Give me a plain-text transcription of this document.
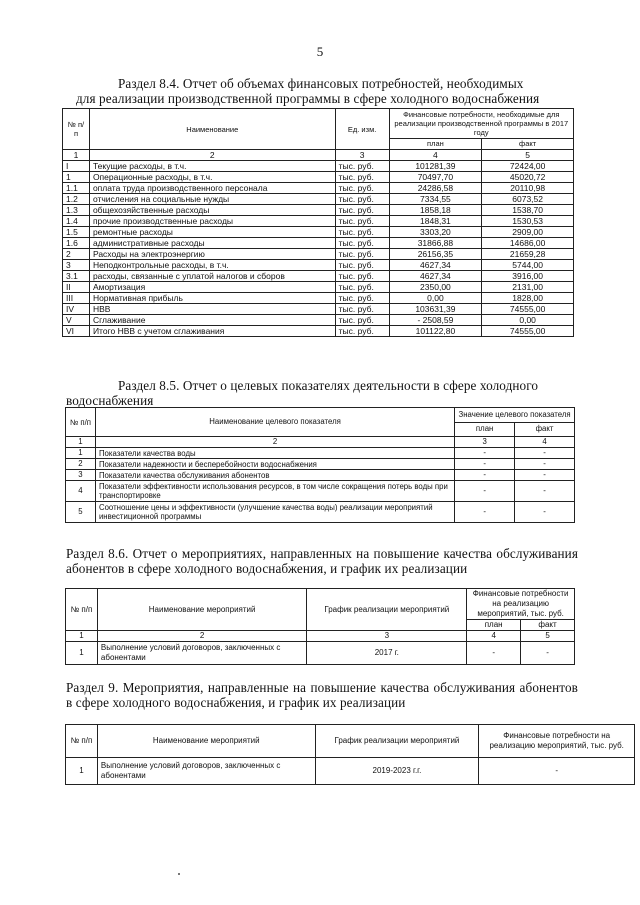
5
Раздел 8.4. Отчет об объемах финансовых потребностей, необходимых
для реализации производственной программы в сфере холодного водоснабжения
№ п/п	Наименование	Ед. изм.	Финансовые потребности, необходимые для реализации производственной программы в 2017 году	
			план	факт
1	2	3	4	5
I	Текущие расходы, в т.ч.	тыс. руб.	101281,39	72424,00
1	Операционные расходы, в т.ч.	тыс. руб.	70497,70	45020,72
1.1	оплата труда производственного персонала	тыс. руб.	24286,58	20110,98
1.2	отчисления на социальные нужды	тыс. руб.	7334,55	6073,52
1.3	общехозяйственные расходы	тыс. руб.	1858,18	1538,70
1.4	прочие производственные расходы	тыс. руб.	1848,31	1530,53
1.5	ремонтные расходы	тыс. руб.	3303,20	2909,00
1.6	административные расходы	тыс. руб.	31866,88	14686,00
2	Расходы на электроэнергию	тыс. руб.	26156,35	21659,28
3	Неподконтрольные расходы, в т.ч.	тыс. руб.	4627,34	5744,00
3.1	расходы, связанные с уплатой налогов и сборов	тыс. руб.	4627,34	3916,00
II	Амортизация	тыс. руб.	2350,00	2131,00
III	Нормативная прибыль	тыс. руб.	0,00	1828,00
IV	НВВ	тыс. руб.	103631,39	74555,00
V	Сглаживание	тыс. руб.	- 2508,59	0,00
VI	Итого НВВ с учетом сглаживания	тыс. руб.	101122,80	74555,00
Раздел 8.5. Отчет о целевых показателях деятельности в сфере холодного
водоснабжения
№ п/п	Наименование целевого показателя	Значение целевого показателя	
		план	факт
1	2	3	4
1	Показатели качества воды	-	-
2	Показатели надежности и бесперебойности водоснабжения	-	-
3	Показатели качества обслуживания абонентов	-	-
4	Показатели эффективности использования ресурсов, в том числе сокращения потерь воды при транспортировке	-	-
5	Соотношение цены и эффективности (улучшение качества воды) реализации мероприятий инвестиционной программы	-	-
Раздел 8.6. Отчет о мероприятиях, направленных на повышение качества обслуживания абонентов в сфере холодного водоснабжения, и график их реализации
№ п/п	Наименование мероприятий	График реализации мероприятий	Финансовые потребности на реализацию мероприятий, тыс. руб.	
			план	факт
1	2	3	4	5
1	Выполнение условий договоров, заключенных с абонентами	2017 г.	-	-
Раздел 9. Мероприятия, направленные на повышение качества обслуживания абонентов в сфере холодного водоснабжения, и график их реализации
№ п/п	Наименование мероприятий	График реализации мероприятий	Финансовые потребности на реализацию мероприятий, тыс. руб.
1	Выполнение условий договоров, заключенных с абонентами	2019-2023 г.г.	-
